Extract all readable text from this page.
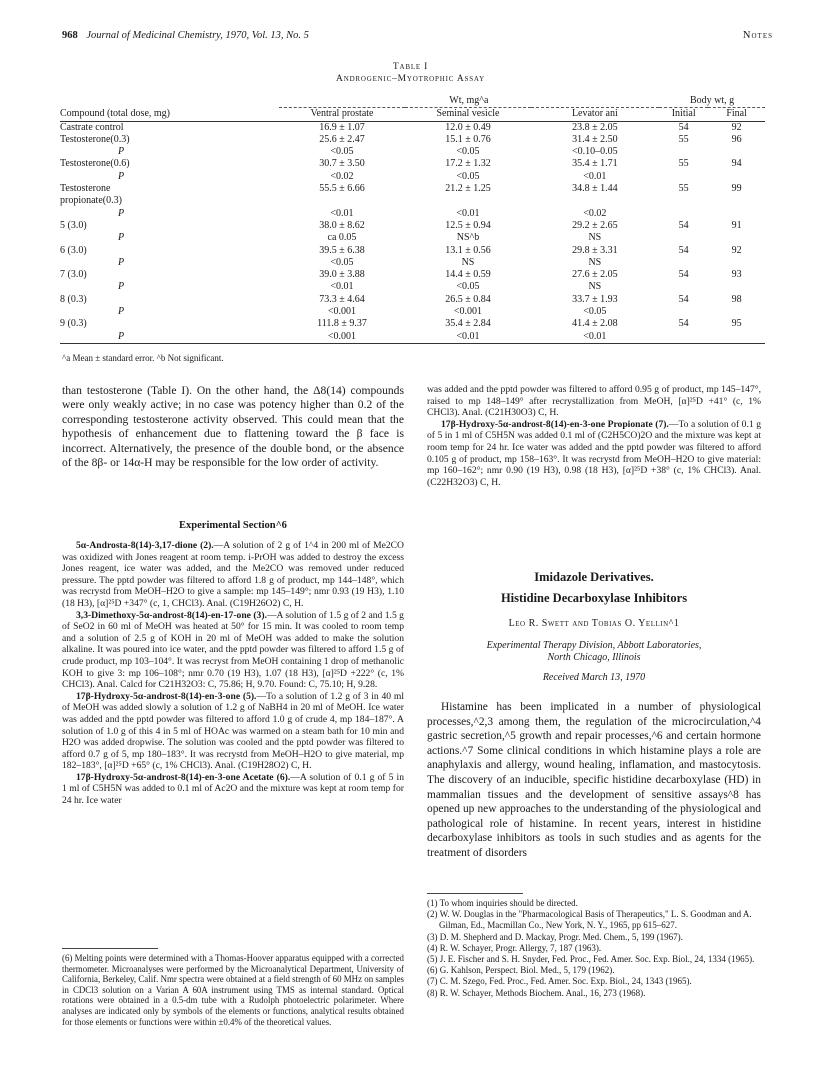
968 Journal of Medicinal Chemistry, 1970, Vol. 13, No. 5	Notes
Table I
Androgenic–Myotrophic Assay
	Wt, mg^a			Body wt, g	
Compound (total dose, mg)	Ventral prostate	Seminal vesicle	Levator ani	Initial	Final
Castrate control	16.9 ± 1.07	12.0 ± 0.49	23.8 ± 2.05	54	92
Testosterone(0.3)	25.6 ± 2.47	15.1 ± 0.76	31.4 ± 2.50	55	96
P	<0.05	<0.05	<0.10–0.05		
Testosterone(0.6)	30.7 ± 3.50	17.2 ± 1.32	35.4 ± 1.71	55	94
P	<0.02	<0.05	<0.01		
Testosterone	55.5 ± 6.66	21.2 ± 1.25	34.8 ± 1.44	55	99
propionate(0.3)					
P	<0.01	<0.01	<0.02		
5 (3.0)	38.0 ± 8.62	12.5 ± 0.94	29.2 ± 2.65	54	91
P	ca 0.05	NS^b	NS		
6 (3.0)	39.5 ± 6.38	13.1 ± 0.56	29.8 ± 3.31	54	92
P	<0.05	NS	NS		
7 (3.0)	39.0 ± 3.88	14.4 ± 0.59	27.6 ± 2.05	54	93
P	<0.01	<0.05	NS		
8 (0.3)	73.3 ± 4.64	26.5 ± 0.84	33.7 ± 1.93	54	98
P	<0.001	<0.001	<0.05		
9 (0.3)	111.8 ± 9.37	35.4 ± 2.84	41.4 ± 2.08	54	95
P	<0.001	<0.01	<0.01		
^a Mean ± standard error. ^b Not significant.
than testosterone (Table I). On the other hand, the Δ8(14) compounds were only weakly active; in no case was potency higher than 0.2 of the corresponding testosterone activity observed. This could mean that the hypothesis of enhancement due to flattening toward the β face is incorrect. Alternatively, the presence of the double bond, or the absence of the 8β- or 14α-H may be responsible for the low order of activity.
Experimental Section^6

5α-Androsta-8(14)-3,17-dione (2).—A solution of 2 g of 1^4 in 200 ml of Me2CO was oxidized with Jones reagent at room temp. i-PrOH was added to destroy the excess Jones reagent, ice water was added, and the Me2CO was removed under reduced pressure. The pptd powder was filtered to afford 1.8 g of product, mp 144–148°, which was recrystd from MeOH–H2O to give a sample: mp 145–149°; nmr 0.93 (19 H3), 1.10 (18 H3), [α]²⁵D +347° (c, 1, CHCl3). Anal. (C19H26O2) C, H.

3,3-Dimethoxy-5α-androst-8(14)-en-17-one (3).—A solution of 1.5 g of 2 and 1.5 g of SeO2 in 60 ml of MeOH was heated at 50° for 15 min. It was cooled to room temp and a solution of 2.5 g of KOH in 20 ml of MeOH was added to make the solution alkaline. It was poured into ice water, and the pptd powder was filtered to afford 1.5 g of crude product, mp 103–104°. It was recryst from MeOH containing 1 drop of methanolic KOH to give 3: mp 106–108°; nmr 0.70 (19 H3), 1.07 (18 H3), [α]²⁵D +222° (c, 1% CHCl3). Anal. Calcd for C21H32O3: C, 75.86; H, 9.70. Found: C, 75.10; H, 9.28.

17β-Hydroxy-5α-androst-8(14)-en-3-one (5).—To a solution of 1.2 g of 3 in 40 ml of MeOH was added slowly a solution of 1.2 g of NaBH4 in 20 ml of MeOH. Ice water was added and the pptd powder was filtered to afford 1.0 g of crude 4, mp 184–187°. A solution of 1.0 g of this 4 in 5 ml of HOAc was warmed on a steam bath for 10 min and H2O was added dropwise. The solution was cooled and the pptd powder was filtered to afford 0.7 g of 5, mp 180–183°. It was recrystd from MeOH–H2O to give material, mp 182–183°, [α]²⁵D +65° (c, 1% CHCl3). Anal. (C19H28O2) C, H.

17β-Hydroxy-5α-androst-8(14)-en-3-one Acetate (6).—A solution of 0.1 g of 5 in 1 ml of C5H5N was added to 0.1 ml of Ac2O and the mixture was kept at room temp for 24 hr. Ice water

(6) Melting points were determined with a Thomas-Hoover apparatus equipped with a corrected thermometer. Microanalyses were performed by the Microanalytical Department, University of California, Berkeley, Calif. Nmr spectra were obtained at a field strength of 60 MHz on samples in CDCl3 solution on a Varian A 60A instrument using TMS as internal standard. Optical rotations were obtained in a 0.5-dm tube with a Rudolph photoelectric polarimeter. Where analyses are indicated only by symbols of the elements or functions, analytical results obtained for those elements or functions were within ±0.4% of the theoretical values.

was added and the pptd powder was filtered to afford 0.95 g of product, mp 145–147°, raised to mp 148–149° after recrystallization from MeOH, [α]²⁵D +41° (c, 1% CHCl3). Anal. (C21H30O3) C, H.

17β-Hydroxy-5α-androst-8(14)-en-3-one Propionate (7).—To a solution of 0.1 g of 5 in 1 ml of C5H5N was added 0.1 ml of (C2H5CO)2O and the mixture was kept at room temp for 24 hr. Ice water was added and the pptd powder was filtered to afford 0.105 g of product, mp 158–163°. It was recrystd from MeOH–H2O to give material: mp 160–162°; nmr 0.90 (19 H3), 0.98 (18 H3), [α]²⁵D +38° (c, 1% CHCl3). Anal. (C22H32O3) C, H.

Imidazole Derivatives.
Histidine Decarboxylase Inhibitors
Leo R. Swett and Tobias O. Yellin^1
Experimental Therapy Division, Abbott Laboratories,
North Chicago, Illinois
Received March 13, 1970
Histamine has been implicated in a number of physiological processes,^2,3 among them, the regulation of the microcirculation,^4 gastric secretion,^5 growth and repair processes,^6 and certain hormone actions.^7 Some clinical conditions in which histamine plays a role are anaphylaxis and allergy, wound healing, inflamation, and mastocytosis. The discovery of an inducible, specific histidine decarboxylase (HD) in mammalian tissues and the development of sensitive assays^8 has opened up new approaches to the understanding of the physiological and pathological role of histamine. In recent years, interest in histidine decarboxylase inhibitors as tools in such studies and as agents for the treatment of disorders
(1) To whom inquiries should be directed.
(2) W. W. Douglas in the "Pharmacological Basis of Therapeutics," L. S. Goodman and A. Gilman, Ed., Macmillan Co., New York, N. Y., 1965, pp 615–627.
(3) D. M. Shepherd and D. Mackay, Progr. Med. Chem., 5, 199 (1967).
(4) R. W. Schayer, Progr. Allergy, 7, 187 (1963).
(5) J. E. Fischer and S. H. Snyder, Fed. Proc., Fed. Amer. Soc. Exp. Biol., 24, 1334 (1965).
(6) G. Kahlson, Perspect. Biol. Med., 5, 179 (1962).
(7) C. M. Szego, Fed. Proc., Fed. Amer. Soc. Exp. Biol., 24, 1343 (1965).
(8) R. W. Schayer, Methods Biochem. Anal., 16, 273 (1968).
